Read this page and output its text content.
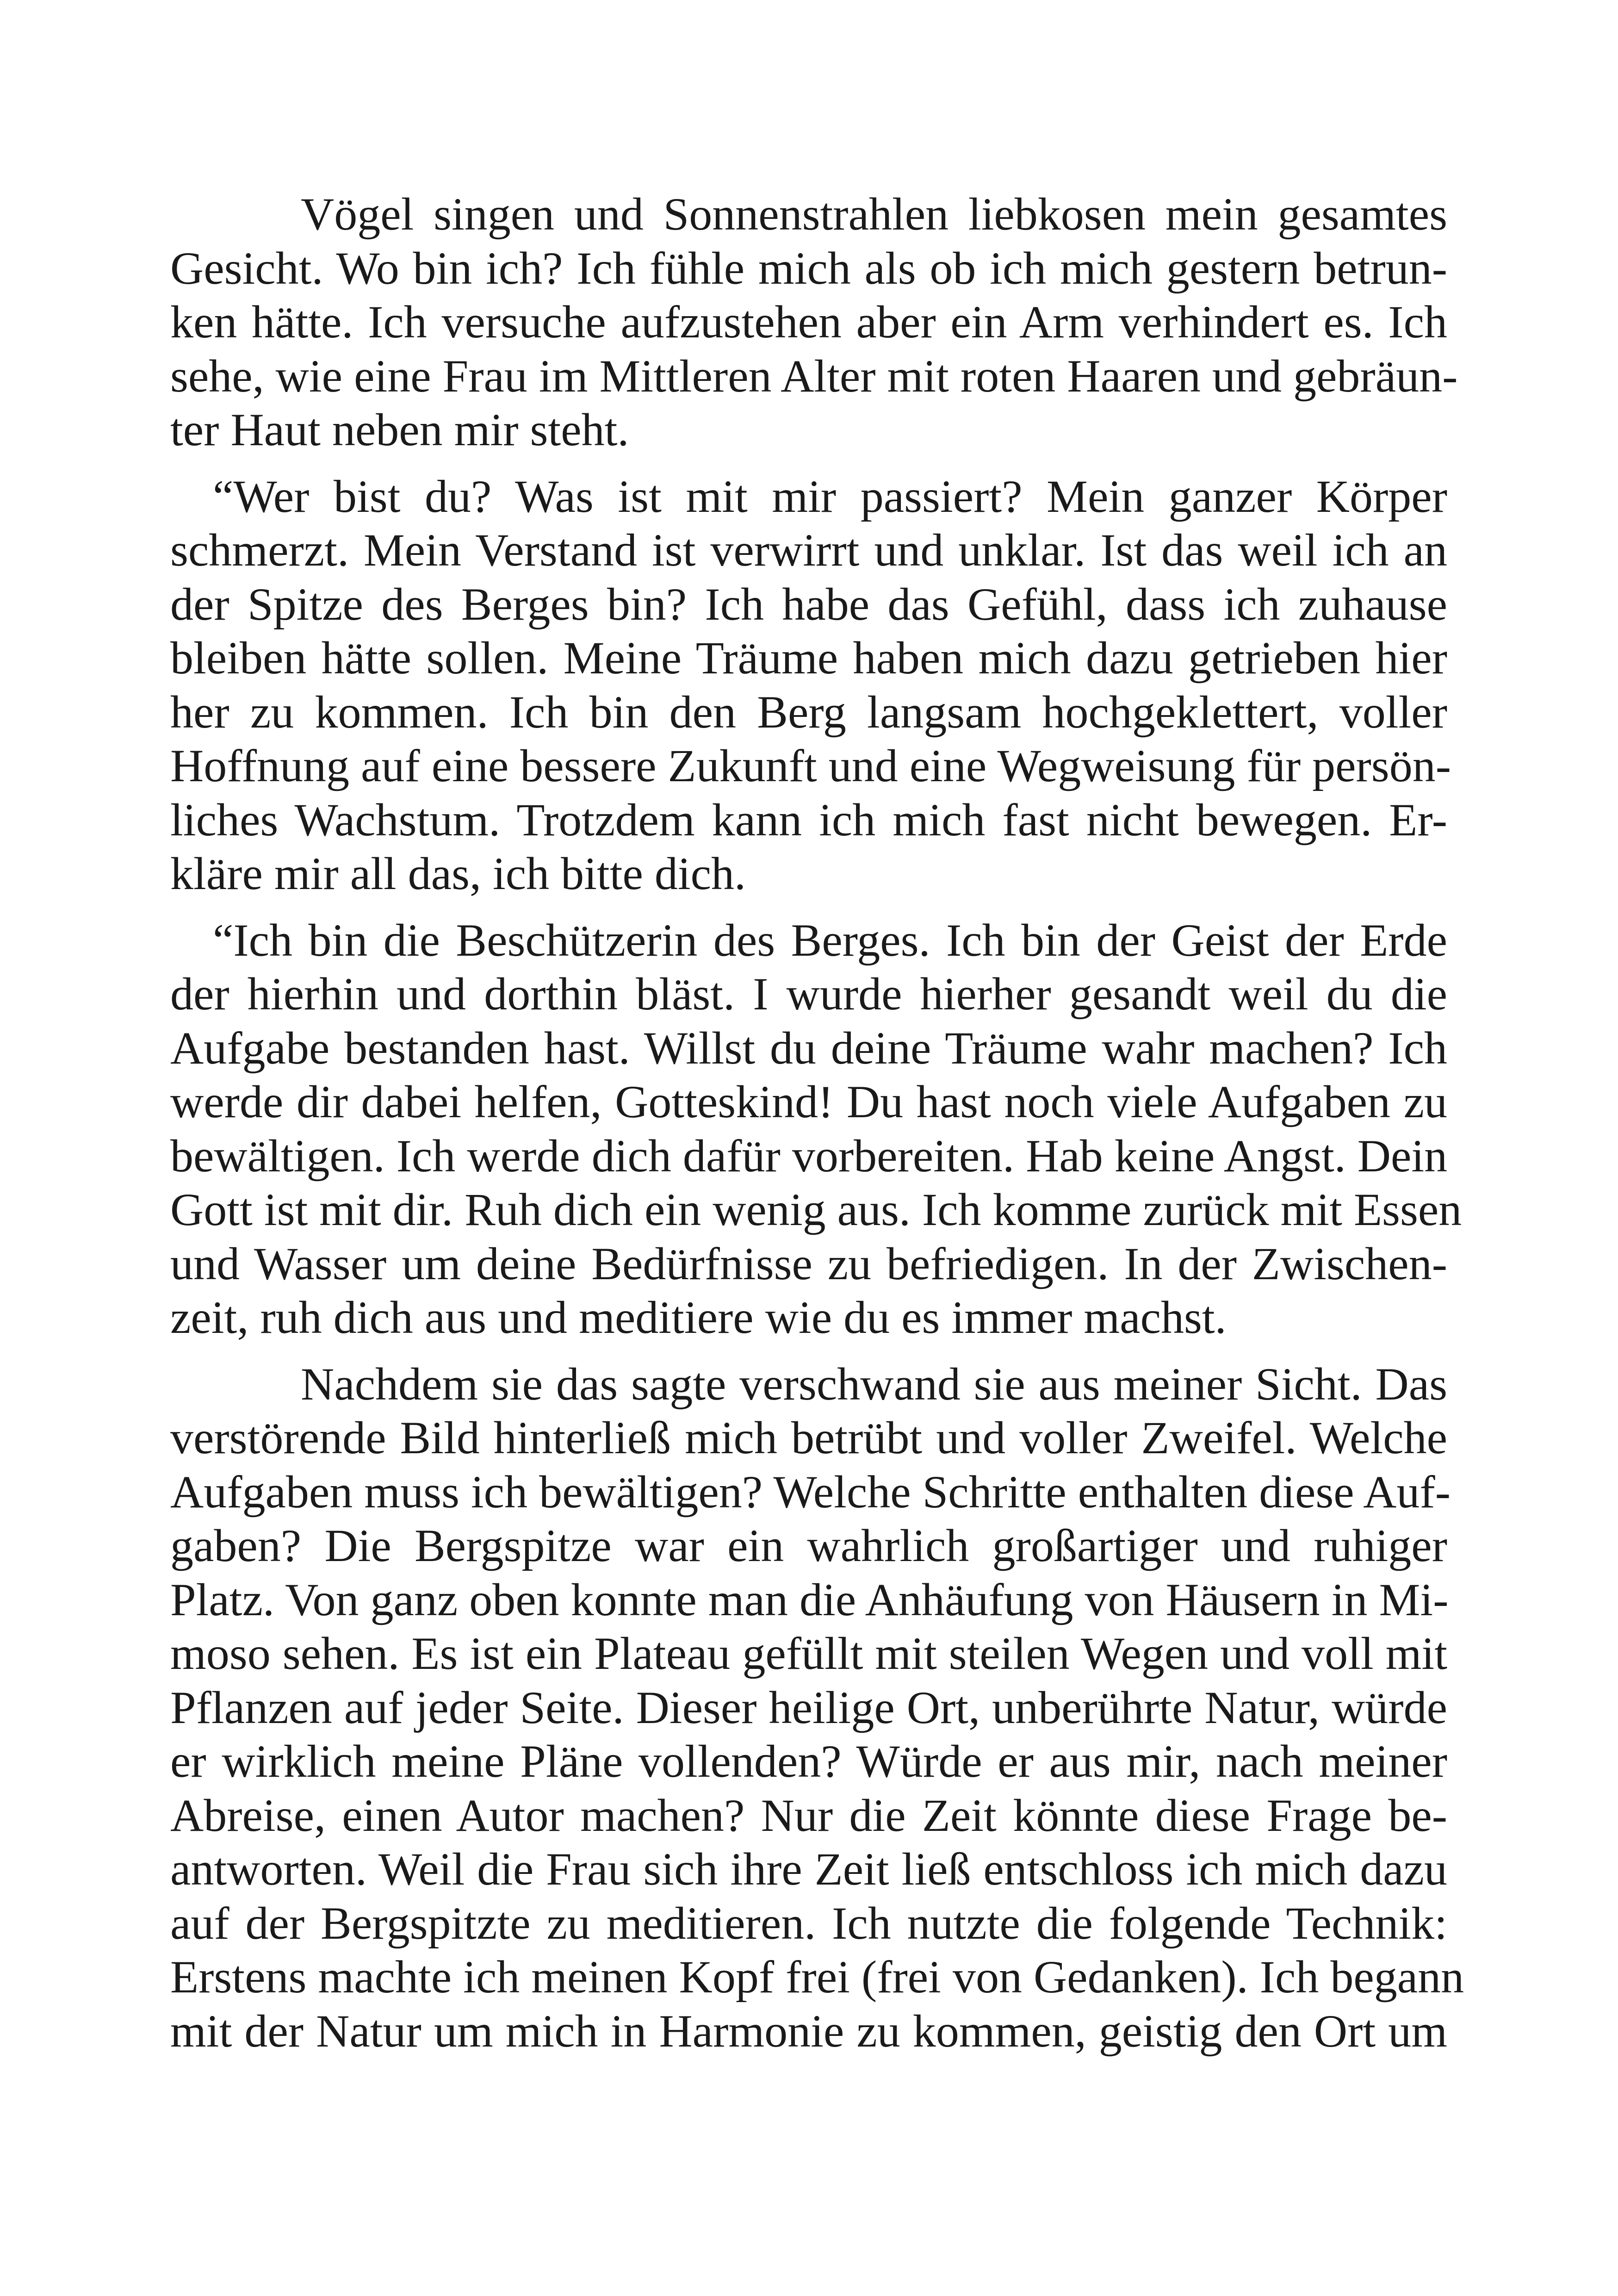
Vögel singen und Sonnenstrahlen liebkosen mein gesamtes
Gesicht. Wo bin ich? Ich fühle mich als ob ich mich gestern betrun-
ken hätte. Ich versuche aufzustehen aber ein Arm verhindert es. Ich
sehe, wie eine Frau im Mittleren Alter mit roten Haaren und gebräun-
ter Haut neben mir steht.
“Wer bist du? Was ist mit mir passiert? Mein ganzer Körper
schmerzt. Mein Verstand ist verwirrt und unklar. Ist das weil ich an
der Spitze des Berges bin? Ich habe das Gefühl, dass ich zuhause
bleiben hätte sollen. Meine Träume haben mich dazu getrieben hier
her zu kommen. Ich bin den Berg langsam hochgeklettert, voller
Hoffnung auf eine bessere Zukunft und eine Wegweisung für persön-
liches Wachstum. Trotzdem kann ich mich fast nicht bewegen. Er-
kläre mir all das, ich bitte dich.
“Ich bin die Beschützerin des Berges. Ich bin der Geist der Erde
der hierhin und dorthin bläst. I wurde hierher gesandt weil du die
Aufgabe bestanden hast. Willst du deine Träume wahr machen? Ich
werde dir dabei helfen, Gotteskind! Du hast noch viele Aufgaben zu
bewältigen. Ich werde dich dafür vorbereiten. Hab keine Angst. Dein
Gott ist mit dir. Ruh dich ein wenig aus. Ich komme zurück mit Essen
und Wasser um deine Bedürfnisse zu befriedigen. In der Zwischen-
zeit, ruh dich aus und meditiere wie du es immer machst.
Nachdem sie das sagte verschwand sie aus meiner Sicht. Das
verstörende Bild hinterließ mich betrübt und voller Zweifel. Welche
Aufgaben muss ich bewältigen? Welche Schritte enthalten diese Auf-
gaben? Die Bergspitze war ein wahrlich großartiger und ruhiger
Platz. Von ganz oben konnte man die Anhäufung von Häusern in Mi-
moso sehen. Es ist ein Plateau gefüllt mit steilen Wegen und voll mit
Pflanzen auf jeder Seite. Dieser heilige Ort, unberührte Natur, würde
er wirklich meine Pläne vollenden? Würde er aus mir, nach meiner
Abreise, einen Autor machen? Nur die Zeit könnte diese Frage be-
antworten. Weil die Frau sich ihre Zeit ließ entschloss ich mich dazu
auf der Bergspitzte zu meditieren. Ich nutzte die folgende Technik:
Erstens machte ich meinen Kopf frei (frei von Gedanken). Ich begann
mit der Natur um mich in Harmonie zu kommen, geistig den Ort um
